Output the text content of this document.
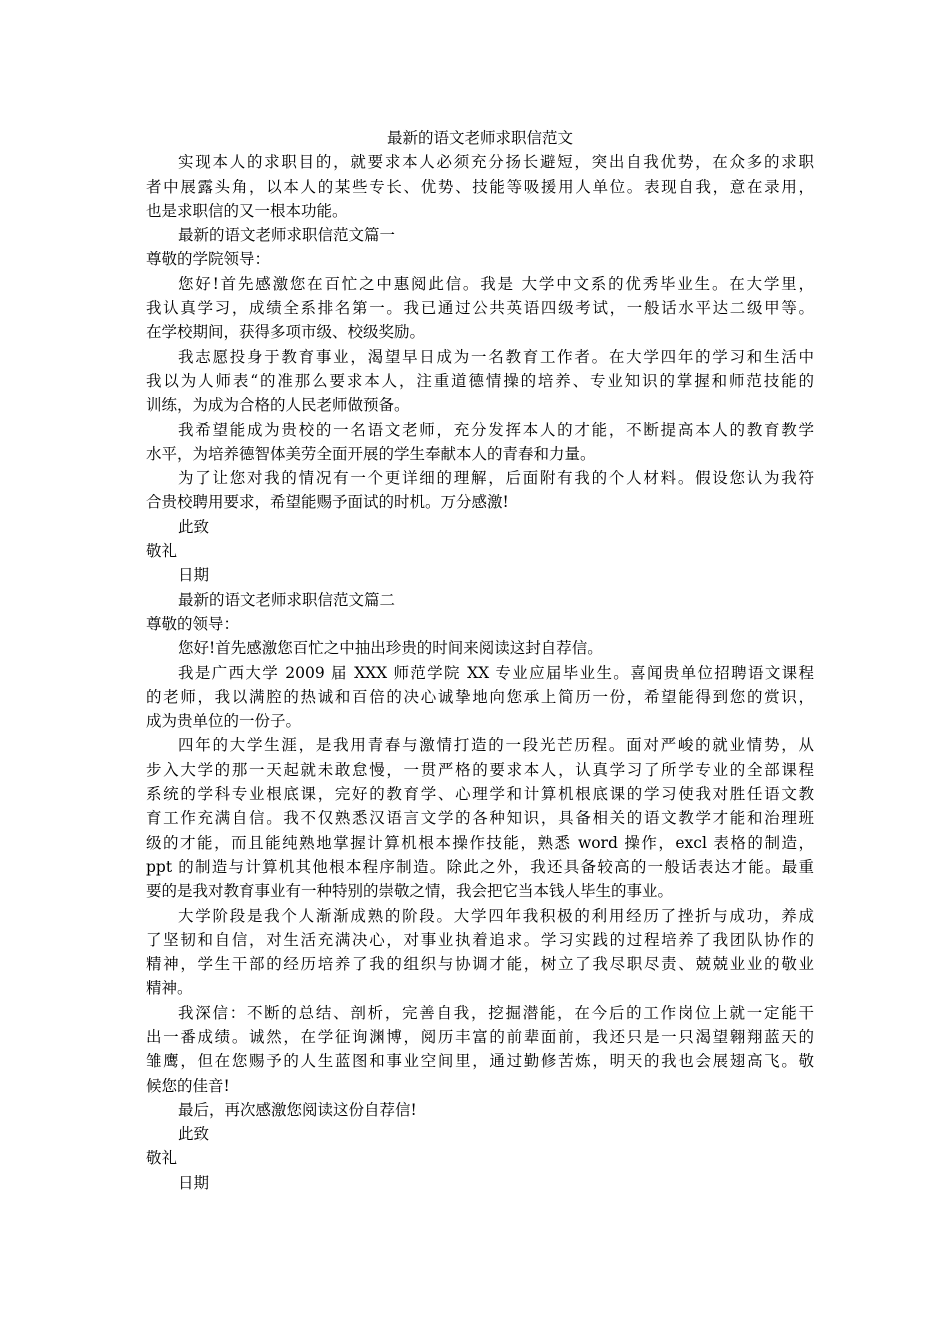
最新的语文老师求职信范文
实现本人的求职目的，就要求本人必须充分扬长避短，突出自我优势，在众多的求职
者中展露头角，以本人的某些专长、优势、技能等吸援用人单位。表现自我，意在录用，
也是求职信的又一根本功能。
最新的语文老师求职信范文篇一
尊敬的学院领导：
您好!首先感激您在百忙之中惠阅此信。我是 大学中文系的优秀毕业生。在大学里，
我认真学习，成绩全系排名第一。我已通过公共英语四级考试，一般话水平达二级甲等。
在学校期间，获得多项市级、校级奖励。
我志愿投身于教育事业，渴望早日成为一名教育工作者。在大学四年的学习和生活中
我以为人师表“的准那么要求本人，注重道德情操的培养、专业知识的掌握和师范技能的
训练，为成为合格的人民老师做预备。
我希望能成为贵校的一名语文老师，充分发挥本人的才能，不断提高本人的教育教学
水平，为培养德智体美劳全面开展的学生奉献本人的青春和力量。
为了让您对我的情况有一个更详细的理解，后面附有我的个人材料。假设您认为我符
合贵校聘用要求，希望能赐予面试的时机。万分感激!
此致
敬礼
日期
最新的语文老师求职信范文篇二
尊敬的领导：
您好!首先感激您百忙之中抽出珍贵的时间来阅读这封自荐信。
我是广西大学 2009 届 XXX 师范学院 XX 专业应届毕业生。喜闻贵单位招聘语文课程
的老师，我以满腔的热诚和百倍的决心诚挚地向您承上简历一份，希望能得到您的赏识，
成为贵单位的一份子。
四年的大学生涯，是我用青春与激情打造的一段光芒历程。面对严峻的就业情势，从
步入大学的那一天起就未敢怠慢，一贯严格的要求本人，认真学习了所学专业的全部课程
系统的学科专业根底课，完好的教育学、心理学和计算机根底课的学习使我对胜任语文教
育工作充满自信。我不仅熟悉汉语言文学的各种知识，具备相关的语文教学才能和治理班
级的才能，而且能纯熟地掌握计算机根本操作技能，熟悉 word 操作，excl 表格的制造，
ppt 的制造与计算机其他根本程序制造。除此之外，我还具备较高的一般话表达才能。最重
要的是我对教育事业有一种特别的崇敬之情，我会把它当本钱人毕生的事业。
大学阶段是我个人渐渐成熟的阶段。大学四年我积极的利用经历了挫折与成功，养成
了坚韧和自信，对生活充满决心，对事业执着追求。学习实践的过程培养了我团队协作的
精神，学生干部的经历培养了我的组织与协调才能，树立了我尽职尽责、兢兢业业的敬业
精神。
我深信：不断的总结、剖析，完善自我，挖掘潜能，在今后的工作岗位上就一定能干
出一番成绩。诚然，在学征询渊博，阅历丰富的前辈面前，我还只是一只渴望翱翔蓝天的
雏鹰，但在您赐予的人生蓝图和事业空间里，通过勤修苦炼，明天的我也会展翅高飞。敬
候您的佳音!
最后，再次感激您阅读这份自荐信!
此致
敬礼
日期
